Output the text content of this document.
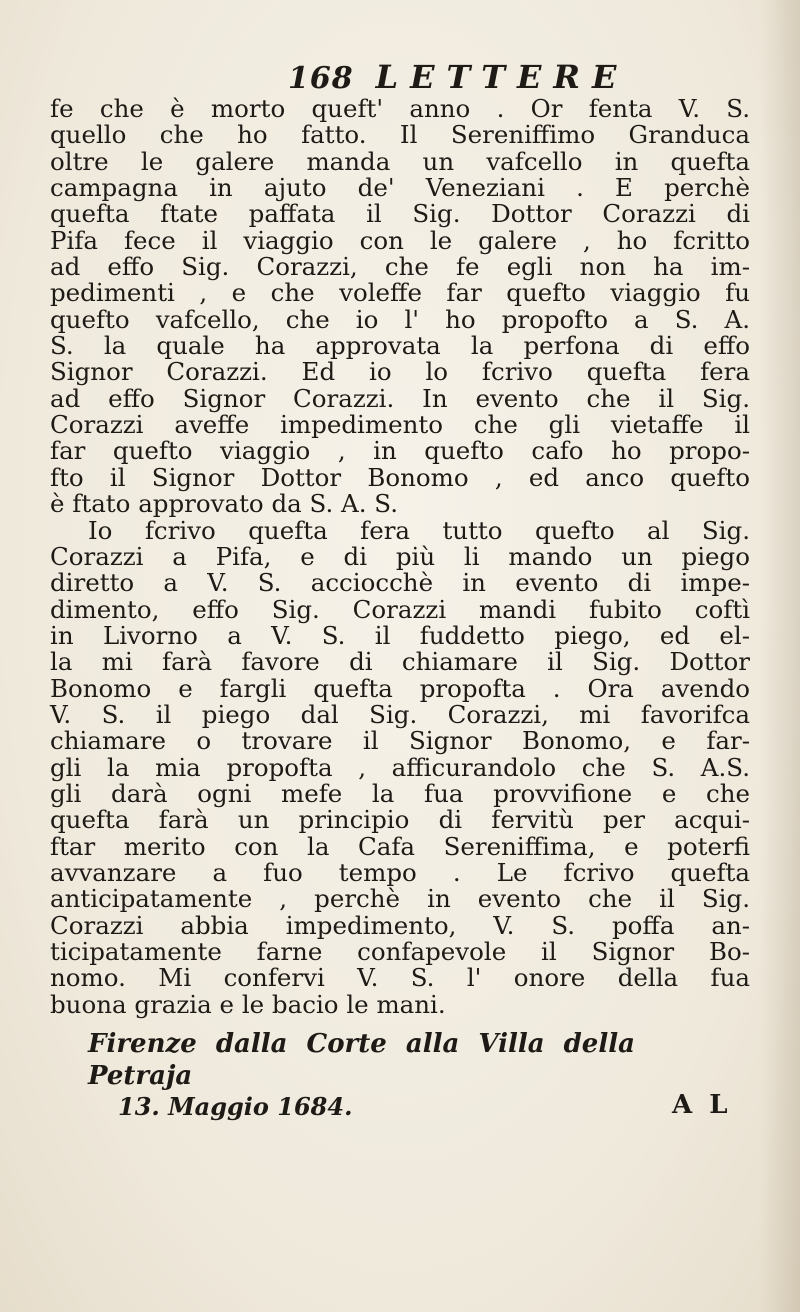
168 LETTERE
fe che è morto queft' anno . Or fenta V. S.
quello che ho fatto. Il Sereniffimo Granduca
oltre le galere manda un vafcello in quefta
campagna in ajuto de' Veneziani . E perchè
quefta ftate paffata il Sig. Dottor Corazzi di
Pifa fece il viaggio con le galere , ho fcritto
ad effo Sig. Corazzi, che fe egli non ha im-
pedimenti , e che voleffe far quefto viaggio fu
quefto vafcello, che io l' ho propofto a S. A.
S. la quale ha approvata la perfona di effo
Signor Corazzi. Ed io lo fcrivo quefta fera
ad effo Signor Corazzi. In evento che il Sig.
Corazzi aveffe impedimento che gli vietaffe il
far quefto viaggio , in quefto cafo ho propo-
fto il Signor Dottor Bonomo , ed anco quefto
è ftato approvato da S. A. S.
Io fcrivo quefta fera tutto quefto al Sig.
Corazzi a Pifa, e di più li mando un piego
diretto a V. S. acciocchè in evento di impe-
dimento, effo Sig. Corazzi mandi fubito coftì
in Livorno a V. S. il fuddetto piego, ed el-
la mi farà favore di chiamare il Sig. Dottor
Bonomo e fargli quefta propofta . Ora avendo
V. S. il piego dal Sig. Corazzi, mi favorifca
chiamare o trovare il Signor Bonomo, e far-
gli la mia propofta , afficurandolo che S. A.S.
gli darà ogni mefe la fua provvifione e che
quefta farà un principio di fervitù per acqui-
ftar merito con la Cafa Sereniffima, e poterfi
avvanzare a fuo tempo . Le fcrivo quefta
anticipatamente , perchè in evento che il Sig.
Corazzi abbia impedimento, V. S. poffa an-
ticipatamente farne confapevole il Signor Bo-
nomo. Mi confervi V. S. l' onore della fua
buona grazia e le bacio le mani.
Firenze dalla Corte alla Villa della Petraja
13. Maggio 1684.	A L
